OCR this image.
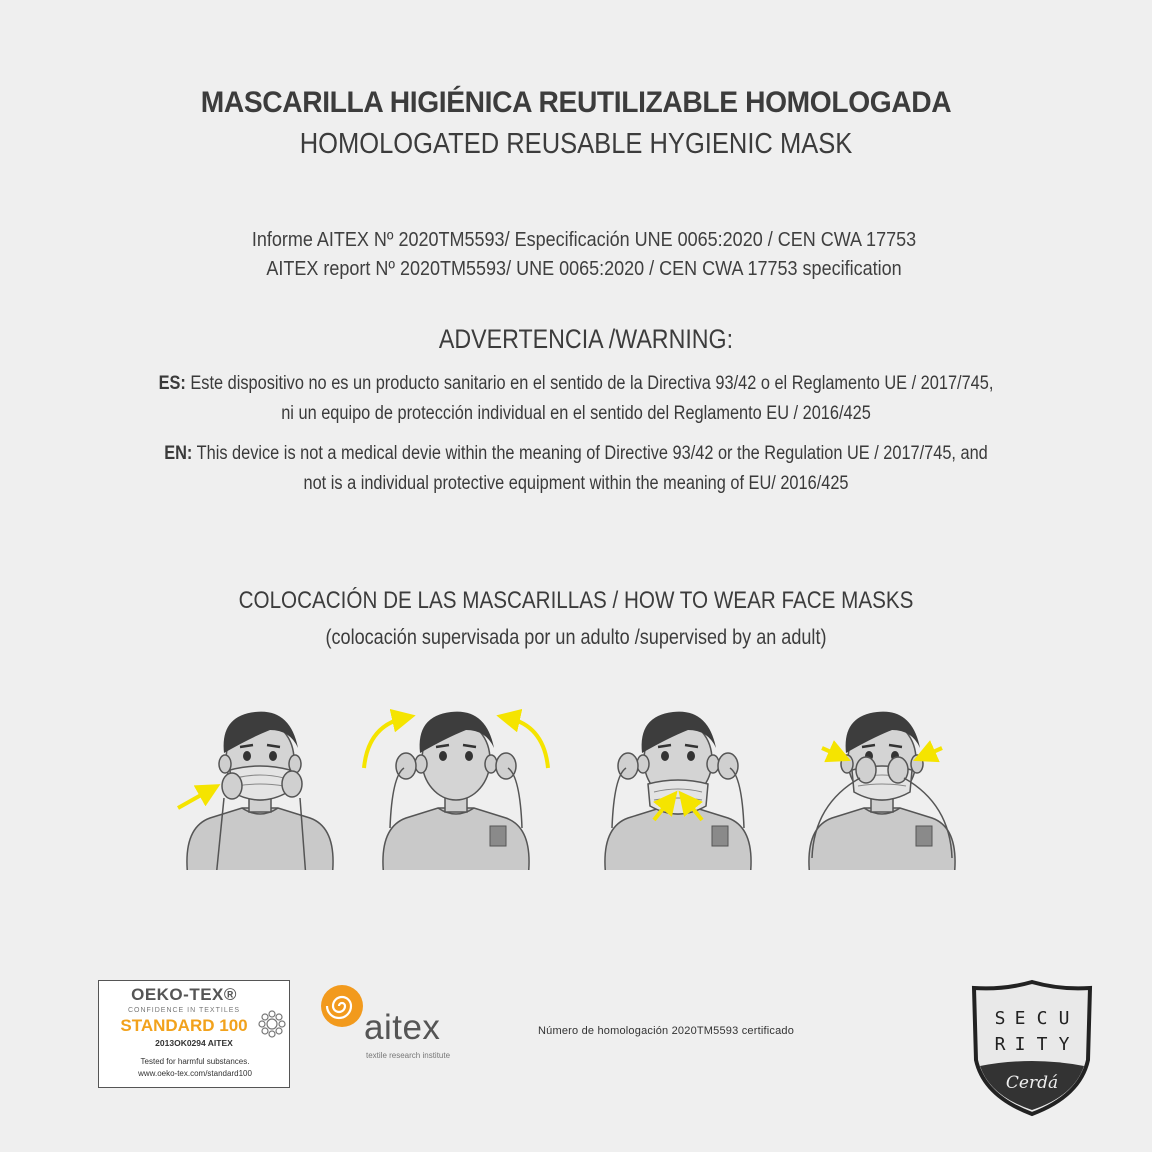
MASCARILLA HIGIÉNICA REUTILIZABLE HOMOLOGADA
HOMOLOGATED REUSABLE HYGIENIC MASK
Informe AITEX Nº 2020TM5593/ Especificación UNE 0065:2020 / CEN CWA 17753
AITEX report Nº 2020TM5593/ UNE 0065:2020 / CEN CWA 17753 specification
ADVERTENCIA /WARNING:
ES: Este dispositivo no es un producto sanitario en el sentido de la Directiva 93/42 o el Reglamento UE / 2017/745,
ni un equipo de protección individual en el sentido del Reglamento EU / 2016/425
EN: This device is not a medical devie within the meaning of Directive 93/42 or the Regulation UE / 2017/745, and
not is a individual protective equipment within the meaning of EU/ 2016/425
COLOCACIÓN DE LAS MASCARILLAS / HOW TO WEAR FACE MASKS
(colocación supervisada por un adulto /supervised by an adult)
OEKO-TEX®
CONFIDENCE IN TEXTILES
STANDARD 100
2013OK0294 AITEX
Tested for harmful substances.
www.oeko-tex.com/standard100
aitex
textile research institute
Número de homologación 2020TM5593 certificado
S E C U
R I T Y
Cerdá
